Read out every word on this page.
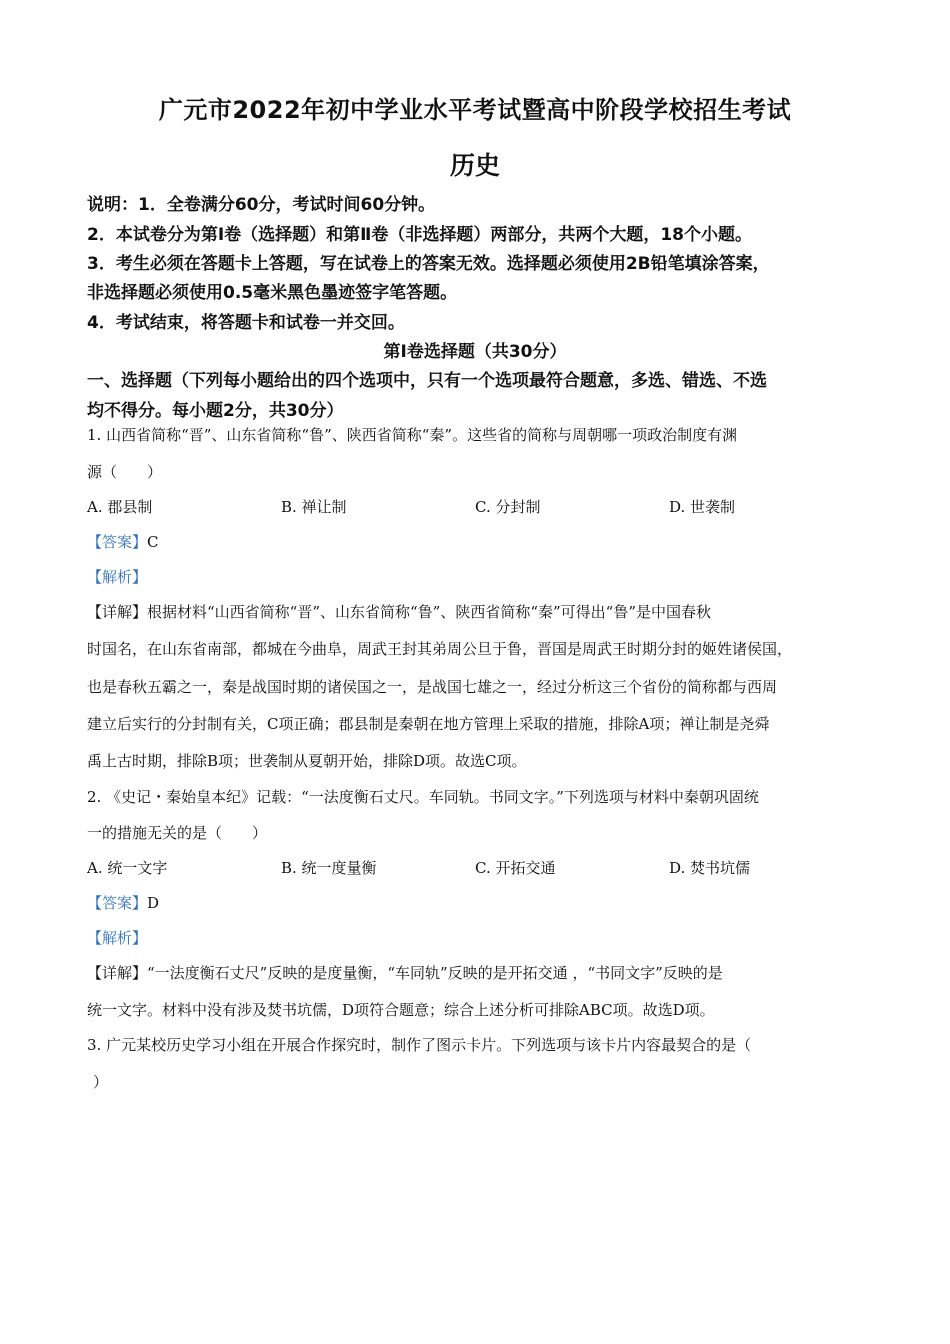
广元市2022年初中学业水平考试暨高中阶段学校招生考试
历史
说明：1．全卷满分60分，考试时间60分钟。
2．本试卷分为第Ⅰ卷（选择题）和第Ⅱ卷（非选择题）两部分，共两个大题，18个小题。
3．考生必须在答题卡上答题，写在试卷上的答案无效。选择题必须使用2B铅笔填涂答案，
非选择题必须使用0.5毫米黑色墨迹签字笔答题。
4．考试结束，将答题卡和试卷一并交回。
第Ⅰ卷选择题（共30分）
一、选择题（下列每小题给出的四个选项中，只有一个选项最符合题意，多选、错选、不选
均不得分。每小题2分，共30分）
1. 山西省简称“晋”、山东省简称“鲁”、陕西省简称“秦”。这些省的简称与周朝哪一项政治制度有渊
源（　　）
A. 郡县制	B. 禅让制	C. 分封制	D. 世袭制
【答案】C
【解析】
【详解】根据材料“山西省简称“晋”、山东省简称“鲁”、陕西省简称“秦”可得出“鲁”是中国春秋
时国名，在山东省南部，都城在今曲阜，周武王封其弟周公旦于鲁，晋国是周武王时期分封的姬姓诸侯国，
也是春秋五霸之一，秦是战国时期的诸侯国之一，是战国七雄之一，经过分析这三个省份的简称都与西周
建立后实行的分封制有关，C项正确；郡县制是秦朝在地方管理上采取的措施，排除A项；禅让制是尧舜
禹上古时期，排除B项；世袭制从夏朝开始，排除D项。故选C项。
2. 《史记・秦始皇本纪》记载：“一法度衡石丈尺。车同轨。书同文字。”下列选项与材料中秦朝巩固统
一的措施无关的是（　　）
A. 统一文字	B. 统一度量衡	C. 开拓交通	D. 焚书坑儒
【答案】D
【解析】
【详解】“一法度衡石丈尺”反映的是度量衡，“车同轨”反映的是开拓交通 ，“书同文字”反映的是
统一文字。材料中没有涉及焚书坑儒，D项符合题意；综合上述分析可排除ABC项。故选D项。
3. 广元某校历史学习小组在开展合作探究时，制作了图示卡片。下列选项与该卡片内容最契合的是（
）
